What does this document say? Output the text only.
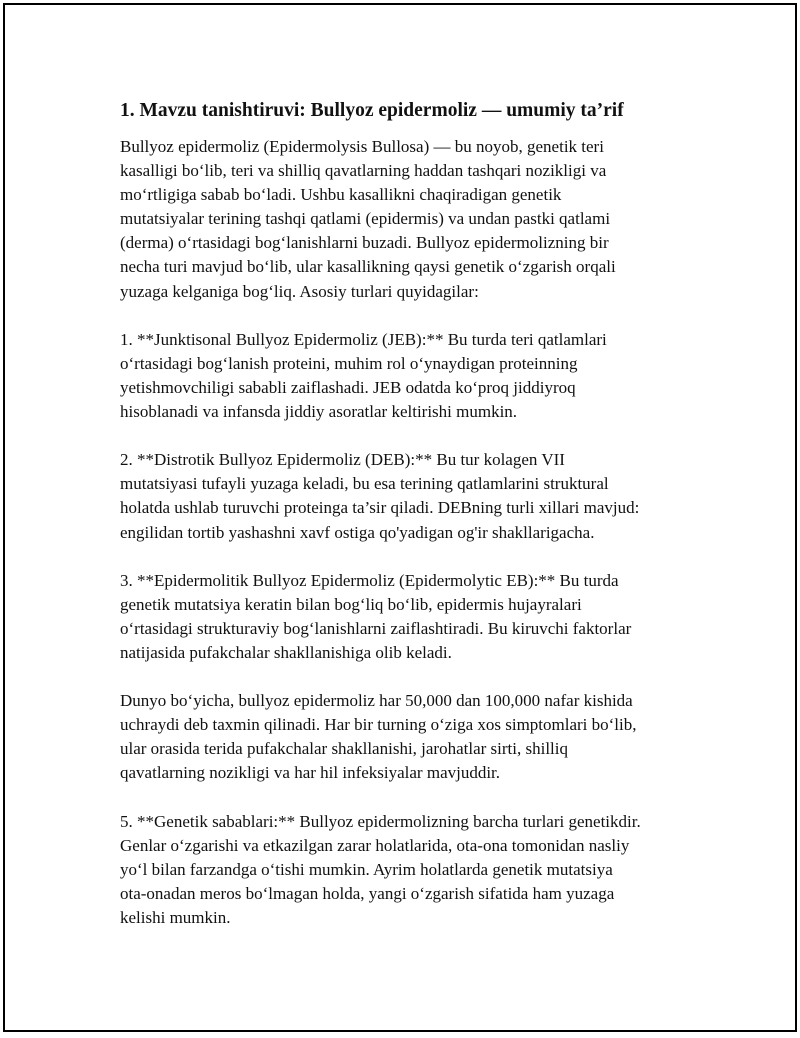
1. Mavzu tanishtiruvi: Bullyoz epidermoliz — umumiy ta’rif

Bullyoz epidermoliz (Epidermolysis Bullosa) — bu noyob, genetik teri
kasalligi bo‘lib, teri va shilliq qavatlarning haddan tashqari nozikligi va
mo‘rtligiga sabab bo‘ladi. Ushbu kasallikni chaqiradigan genetik
mutatsiyalar terining tashqi qatlami (epidermis) va undan pastki qatlami
(derma) o‘rtasidagi bog‘lanishlarni buzadi. Bullyoz epidermolizning bir
necha turi mavjud bo‘lib, ular kasallikning qaysi genetik o‘zgarish orqali
yuzaga kelganiga bog‘liq. Asosiy turlari quyidagilar:

1. **Junktisonal Bullyoz Epidermoliz (JEB):** Bu turda teri qatlamlari
o‘rtasidagi bog‘lanish proteini, muhim rol o‘ynaydigan proteinning
yetishmovchiligi sababli zaiflashadi. JEB odatda ko‘proq jiddiyroq
hisoblanadi va infansda jiddiy asoratlar keltirishi mumkin.

2. **Distrotik Bullyoz Epidermoliz (DEB):** Bu tur kolagen VII
mutatsiyasi tufayli yuzaga keladi, bu esa terining qatlamlarini struktural
holatda ushlab turuvchi proteinga ta’sir qiladi. DEBning turli xillari mavjud:
engilidan tortib yashashni xavf ostiga qo'yadigan og'ir shakllarigacha.

3. **Epidermolitik Bullyoz Epidermoliz (Epidermolytic EB):** Bu turda
genetik mutatsiya keratin bilan bog‘liq bo‘lib, epidermis hujayralari
o‘rtasidagi strukturaviy bog‘lanishlarni zaiflashtiradi. Bu kiruvchi faktorlar
natijasida pufakchalar shakllanishiga olib keladi.

Dunyo bo‘yicha, bullyoz epidermoliz har 50,000 dan 100,000 nafar kishida
uchraydi deb taxmin qilinadi. Har bir turning o‘ziga xos simptomlari bo‘lib,
ular orasida terida pufakchalar shakllanishi, jarohatlar sirti, shilliq
qavatlarning nozikligi va har hil infeksiyalar mavjuddir.

5. **Genetik sabablari:** Bullyoz epidermolizning barcha turlari genetikdir.
Genlar o‘zgarishi va etkazilgan zarar holatlarida, ota-ona tomonidan nasliy
yo‘l bilan farzandga o‘tishi mumkin. Ayrim holatlarda genetik mutatsiya
ota-onadan meros bo‘lmagan holda, yangi o‘zgarish sifatida ham yuzaga
kelishi mumkin.
